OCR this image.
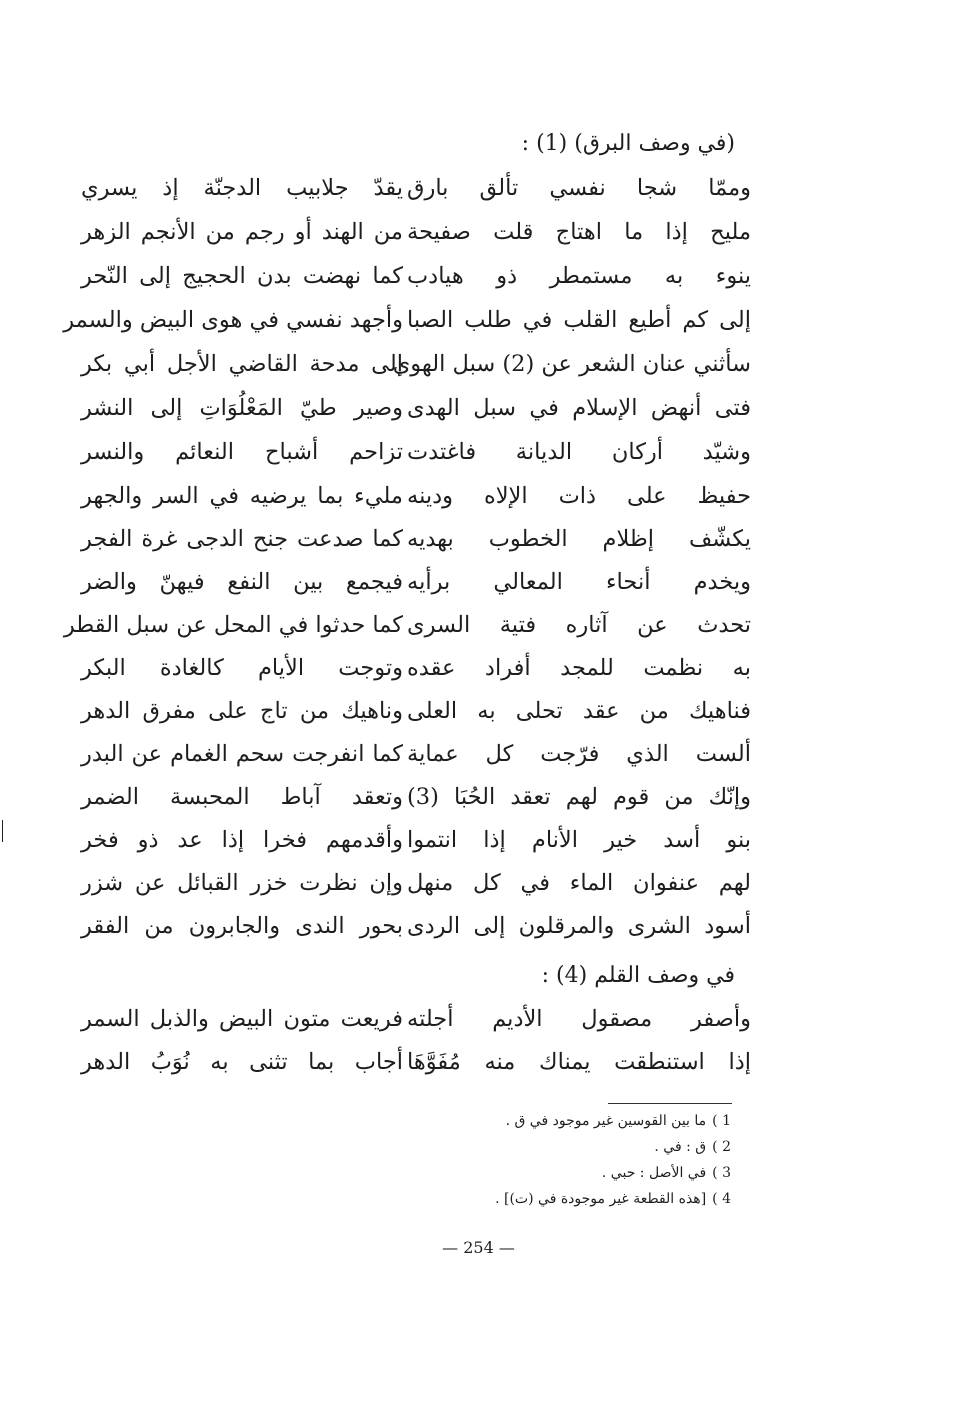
(في وصف البرق) (1) :
وممّا شجا نفسي تألق بارق
يقدّ جلابيب الدجنّة إذ يسري
مليح إذا ما اهتاج قلت صفيحة
من الهند أو رجم من الأنجم الزهر
ينوء به مستمطر ذو هيادب
كما نهضت بدن الحجيج إلى النّحر
إلى كم أطيع القلب في طلب الصبا
وأجهد نفسي في هوى البيض والسمر
سأثني عنان الشعر عن (2) سبل الهوى
إلى مدحة القاضي الأجل أبي بكر
فتى أنهض الإسلام في سبل الهدى
وصير طيّ المَعْلُوَاتِ إلى النشر
وشيّد أركان الديانة فاغتدت
تزاحم أشباح النعائم والنسر
حفيظ على ذات الإلاه ودينه
مليء بما يرضيه في السر والجهر
يكشّف إظلام الخطوب بهديه
كما صدعت جنح الدجى غرة الفجر
ويخدم أنحاء المعالي برأيه
فيجمع بين النفع فيهنّ والضر
تحدث عن آثاره فتية السرى
كما حدثوا في المحل عن سبل القطر
به نظمت للمجد أفراد عقده
وتوجت الأيام كالغادة البكر
فناهيك من عقد تحلى به العلى
وناهيك من تاج على مفرق الدهر
ألست الذي فرّجت كل عماية
كما انفرجت سحم الغمام عن البدر
وإنّك من قوم لهم تعقد الحُبَا (3)
وتعقد آباط المحبسة الضمر
بنو أسد خير الأنام إذا انتموا
وأقدمهم فخرا إذا عد ذو فخر
لهم عنفوان الماء في كل منهل
وإن نظرت خزر القبائل عن شزر
أسود الشرى والمرقلون إلى الردى
بحور الندى والجابرون من الفقر
في وصف القلم (4) :
وأصفر مصقول الأديم أجلته
فريعت متون البيض والذبل السمر
إذا استنطقت يمناك منه مُفَوَّهَا
أجاب بما تثنى به نُوَبُ الدهر
1 )ما بين القوسين غير موجود في ق .
2 )ق : في .
3 )في الأصل : حبي .
4 )[هذه القطعة غير موجودة في (ت)] .
— 254 —
